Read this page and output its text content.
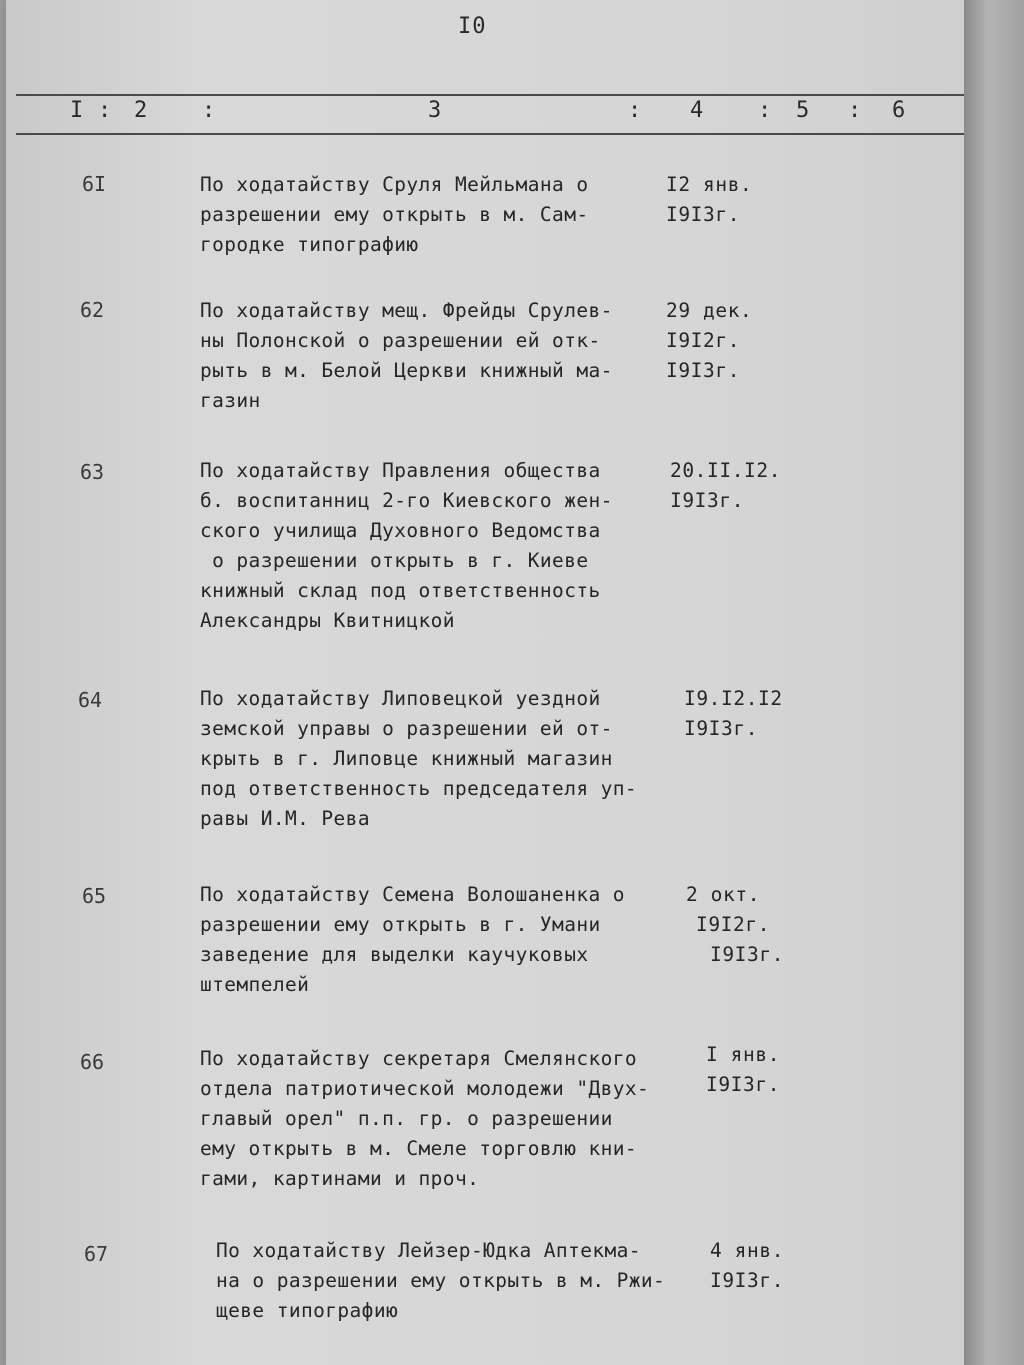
I0
I : 2 :	3	: 4 : 5 : 6
6I	По ходатайству Сруля Мейльмана о
разрешении ему открыть в м. Сам-
городке типографию
I2 янв.
I9I3г.
62	По ходатайству мещ. Фрейды Срулев-
ны Полонской о разрешении ей отк-
рыть в м. Белой Церкви книжный ма-
газин
29 дек.
I9I2г.
I9I3г.
63	По ходатайству Правления общества
б. воспитанниц 2-го Киевского жен-
ского училища Духовного Ведомства
о разрешении открыть в г. Киеве
книжный склад под ответственность
Александры Квитницкой
20.II.I2.
I9I3г.
64	По ходатайству Липовецкой уездной
земской управы о разрешении ей от-
крыть в г. Липовце книжный магазин
под ответственность председателя уп-
равы И.М. Рева
I9.I2.I2
I9I3г.
65	По ходатайству Семена Волошаненка о
разрешении ему открыть в г. Умани
заведение для выделки каучуковых
штемпелей
2 окт.
I9I2г.
I9I3г.
66	По ходатайству секретаря Смелянского
отдела патриотической молодежи "Двух-
главый орел" п.п. гр. о разрешении
ему открыть в м. Смеле торговлю кни-
гами, картинами и проч.
I янв.
I9I3г.
67	По ходатайству Лейзер-Юдка Аптекма-
на о разрешении ему открыть в м. Ржи-
щеве типографию
4 янв.
I9I3г.
